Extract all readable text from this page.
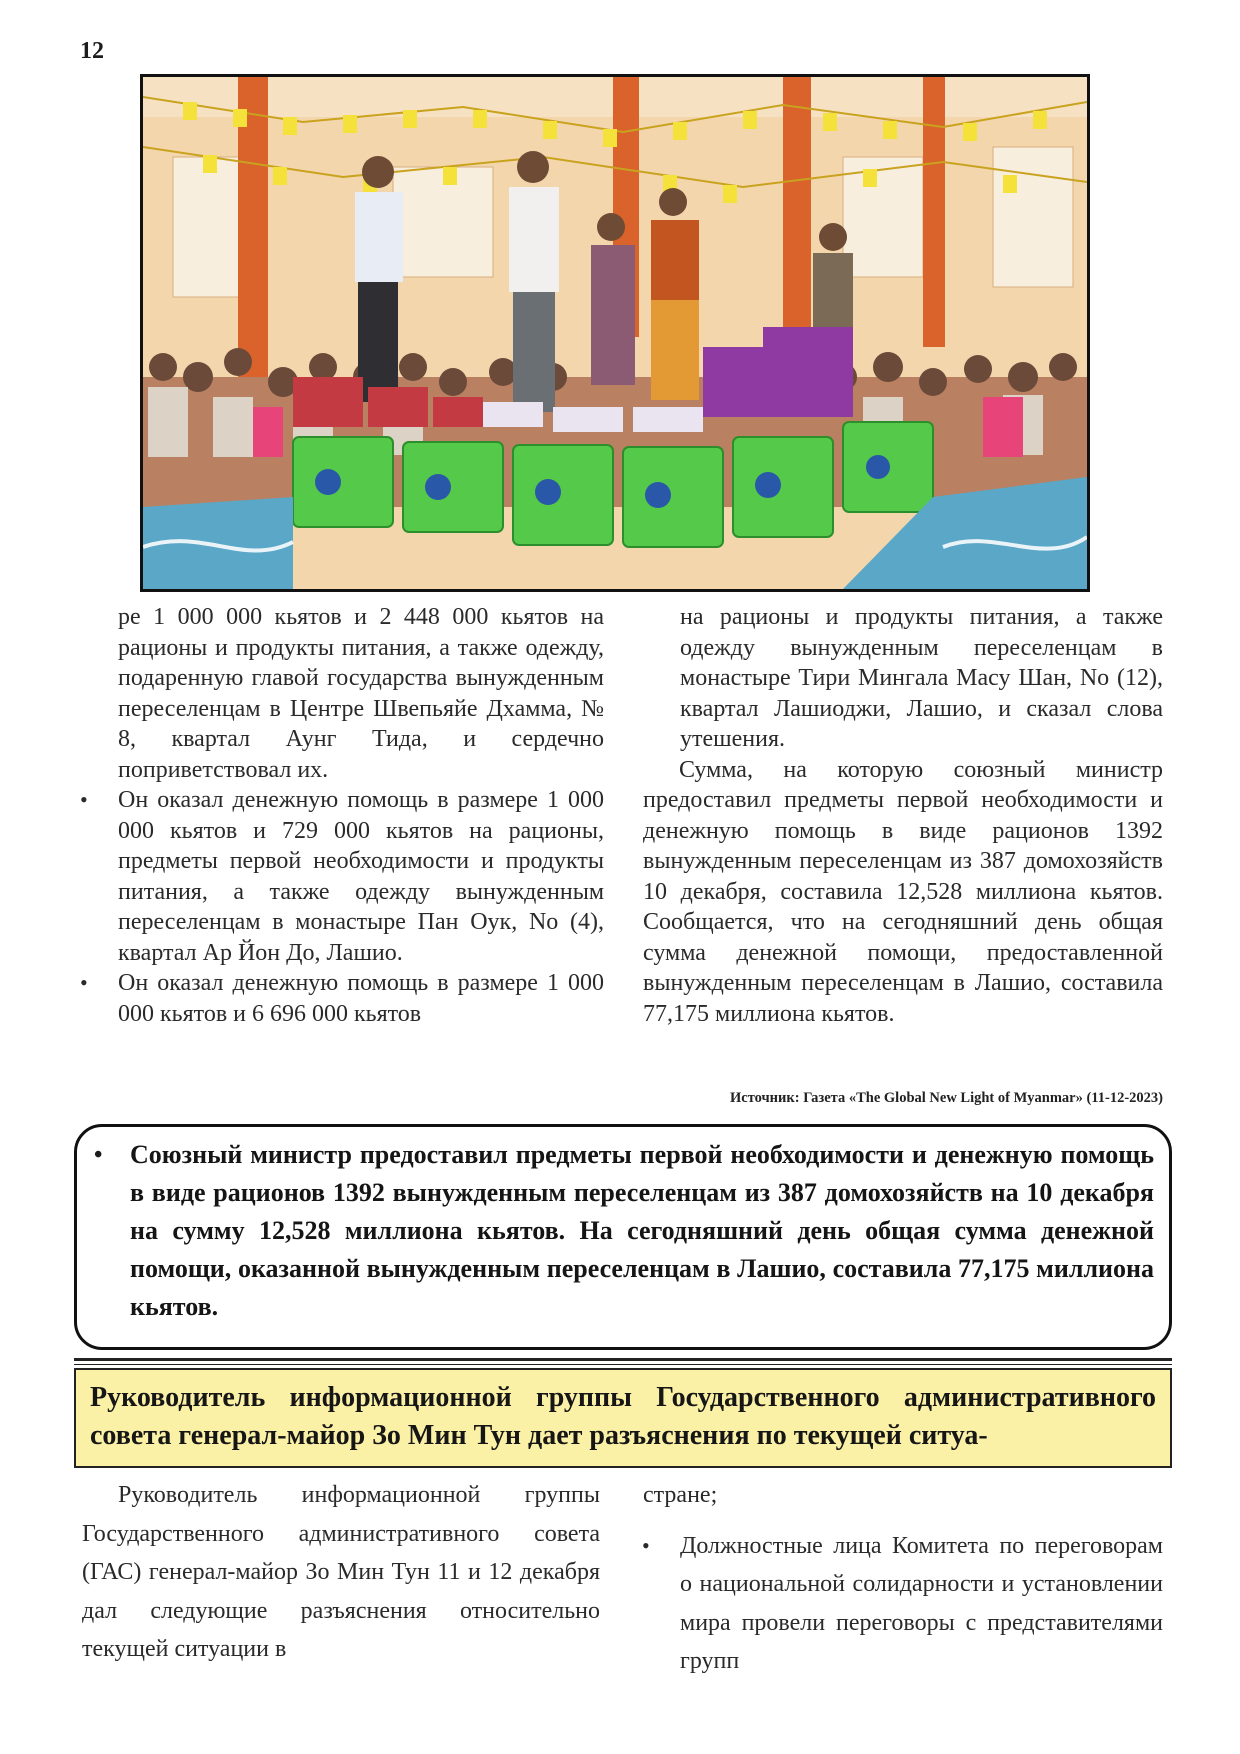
12

ре 1 000 000 кьятов и 2 448 000 кьятов на рационы и продукты питания, а также одежду, подаренную главой государства вынужденным переселенцам в Центре Швепьяйе Дхамма, № 8, квартал Аунг Тида, и сердечно поприветствовал их.

• Он оказал денежную помощь в размере 1 000 000 кьятов и 729 000 кьятов на рационы, предметы первой необходимости и продукты питания, а также одежду вынужденным переселенцам в монастыре Пан Оук, No (4), квартал Ар Йон До, Лашио.

• Он оказал денежную помощь в размере 1 000 000 кьятов и 6 696 000 кьятов

на рационы и продукты питания, а также одежду вынужденным переселенцам в монастыре Тири Мингала Масу Шан, No (12), квартал Лашиоджи, Лашио, и сказал слова утешения.

Сумма, на которую союзный министр предоставил предметы первой необходимости и денежную помощь в виде рационов 1392 вынужденным переселенцам из 387 домохозяйств 10 декабря, составила 12,528 миллиона кьятов. Сообщается, что на сегодняшний день общая сумма денежной помощи, предоставленной вынужденным переселенцам в Лашио, составила 77,175 миллиона кьятов.

Источник: Газета «The Global New Light of Myanmar» (11-12-2023)
• Союзный министр предоставил предметы первой необходимости и денежную помощь в виде рационов 1392 вынужденным переселенцам из 387 домохозяйств на 10 декабря на сумму 12,528 миллиона кьятов. На сегодняшний день общая сумма денежной помощи, оказанной вынужденным переселенцам в Лашио, составила 77,175 миллиона кьятов.
Руководитель информационной группы Государственного административного совета генерал-майор Зо Мин Тун дает разъяснения по текущей ситуа-

Руководитель информационной группы Государственного административного совета (ГАС) генерал-майор Зо Мин Тун 11 и 12 декабря дал следующие разъяснения относительно текущей ситуации в

стране;

• Должностные лица Комитета по переговорам о национальной солидарности и установлении мира провели переговоры с представителями групп
